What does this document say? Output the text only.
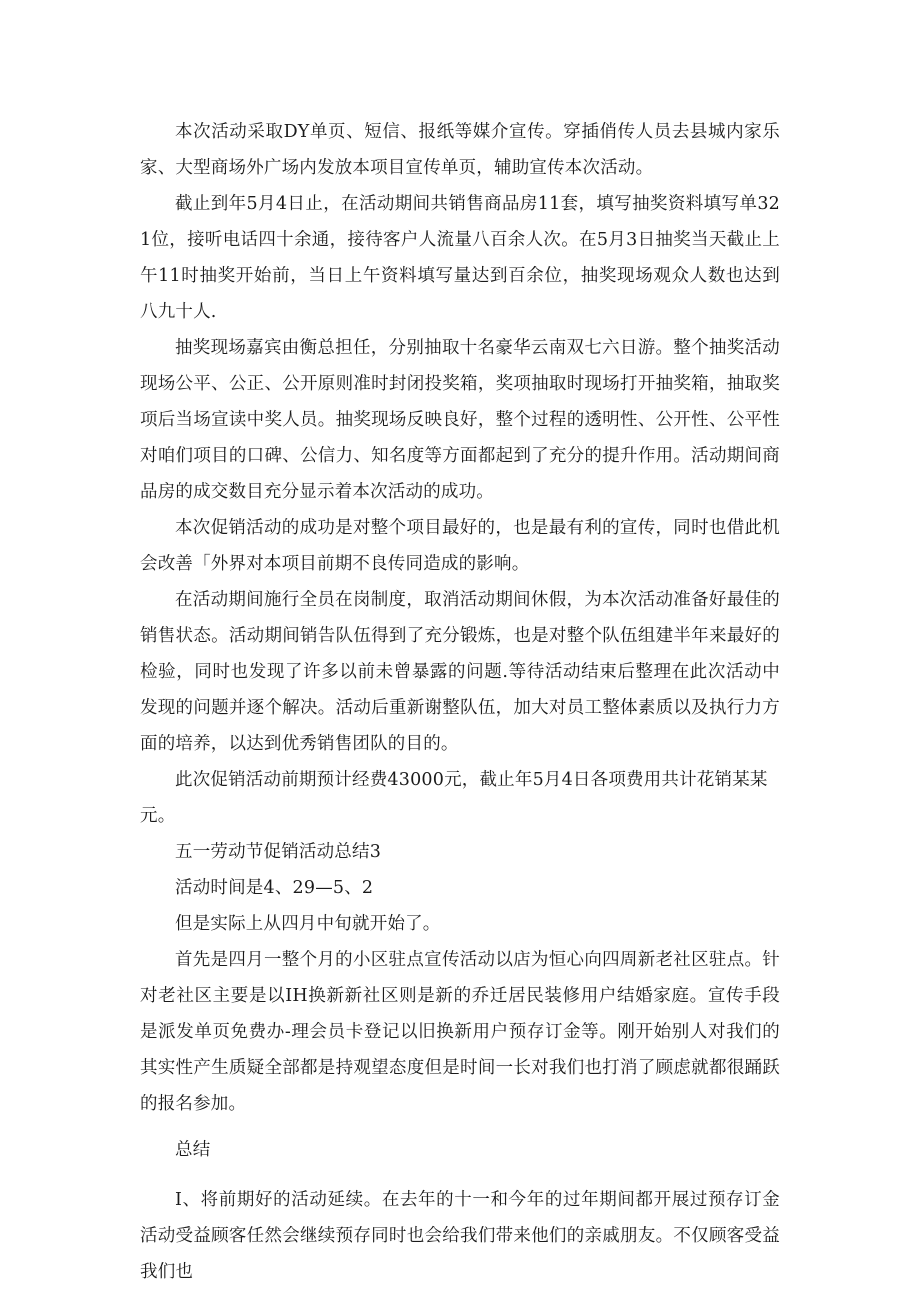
本次活动采取DY单页、短信、报纸等媒介宣传。穿插俏传人员去县城内家乐家、大型商场外广场内发放本项目宣传单页，辅助宣传本次活动。

截止到年5月4日止，在活动期间共销售商品房11套，填写抽奖资料填写单321位，接听电话四十余通，接待客户人流量八百余人次。在5月3日抽奖当天截止上午11时抽奖开始前，当日上午资料填写量达到百余位，抽奖现场观众人数也达到八九十人.

抽奖现场嘉宾由衡总担任，分别抽取十名豪华云南双七六日游。整个抽奖活动现场公平、公正、公开原则准时封闭投奖箱，奖项抽取时现场打开抽奖箱，抽取奖项后当场宣读中奖人员。抽奖现场反映良好，整个过程的透明性、公开性、公平性对咱们项目的口碑、公信力、知名度等方面都起到了充分的提升作用。活动期间商品房的成交数目充分显示着本次活动的成功。

本次促销活动的成功是对整个项目最好的，也是最有利的宣传，同时也借此机会改善「外界对本项目前期不良传同造成的影响。

在活动期间施行全员在岗制度，取消活动期间休假，为本次活动准备好最佳的销售状态。活动期间销告队伍得到了充分锻炼，也是对整个队伍组建半年来最好的检验，同时也发现了许多以前未曾暴露的问题.等待活动结束后整理在此次活动中发现的问题并逐个解决。活动后重新谢整队伍，加大对员工整体素质以及执行力方面的培养，以达到优秀销售团队的目的。

此次促销活动前期预计经费43000元，截止年5月4日各项费用共计花销某某元。

五一劳动节促销活动总结3

活动时间是4、29—5、2

但是实际上从四月中旬就开始了。

首先是四月一整个月的小区驻点宣传活动以店为恒心向四周新老社区驻点。针对老社区主要是以IH换新新社区则是新的乔迁居民装修用户结婚家庭。宣传手段是派发单页免费办-理会员卡登记以旧换新用户预存订金等。刚开始别人对我们的其实性产生质疑全部都是持观望态度但是时间一长对我们也打消了顾虑就都很踊跃的报名参加。

总结

I、将前期好的活动延续。在去年的十一和今年的过年期间都开展过预存订金活动受益顾客任然会继续预存同时也会给我们带来他们的亲戚朋友。不仅顾客受益我们也
